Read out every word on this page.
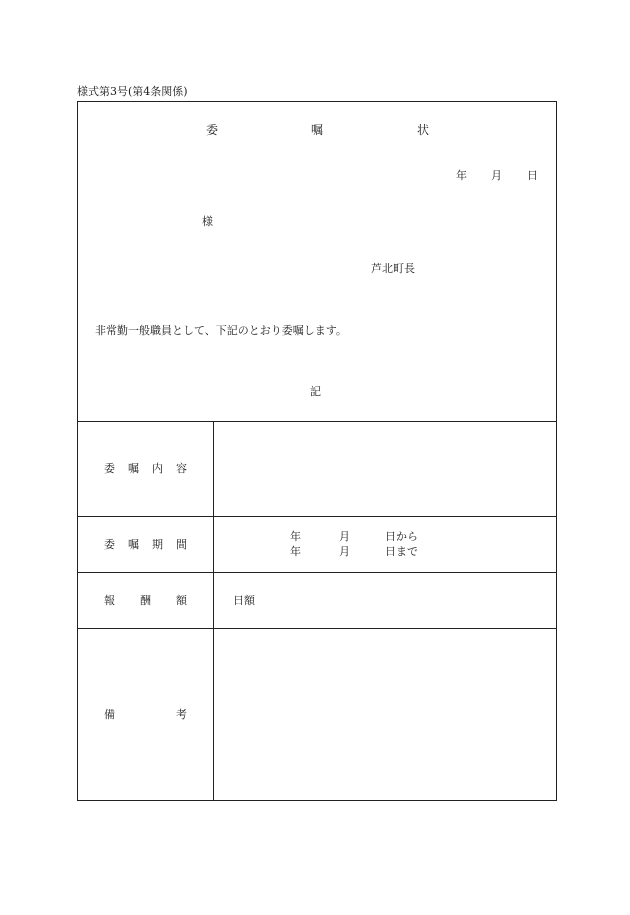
様式第3号(第4条関係)
委	嘱	状
年 月 日
様
芦北町長
非常勤一般職員として、下記のとおり委嘱します。
記
委 嘱 内 容
委 嘱 期 間
年	月	日から
年	月	日まで
報 酬 額	日額
備	考
